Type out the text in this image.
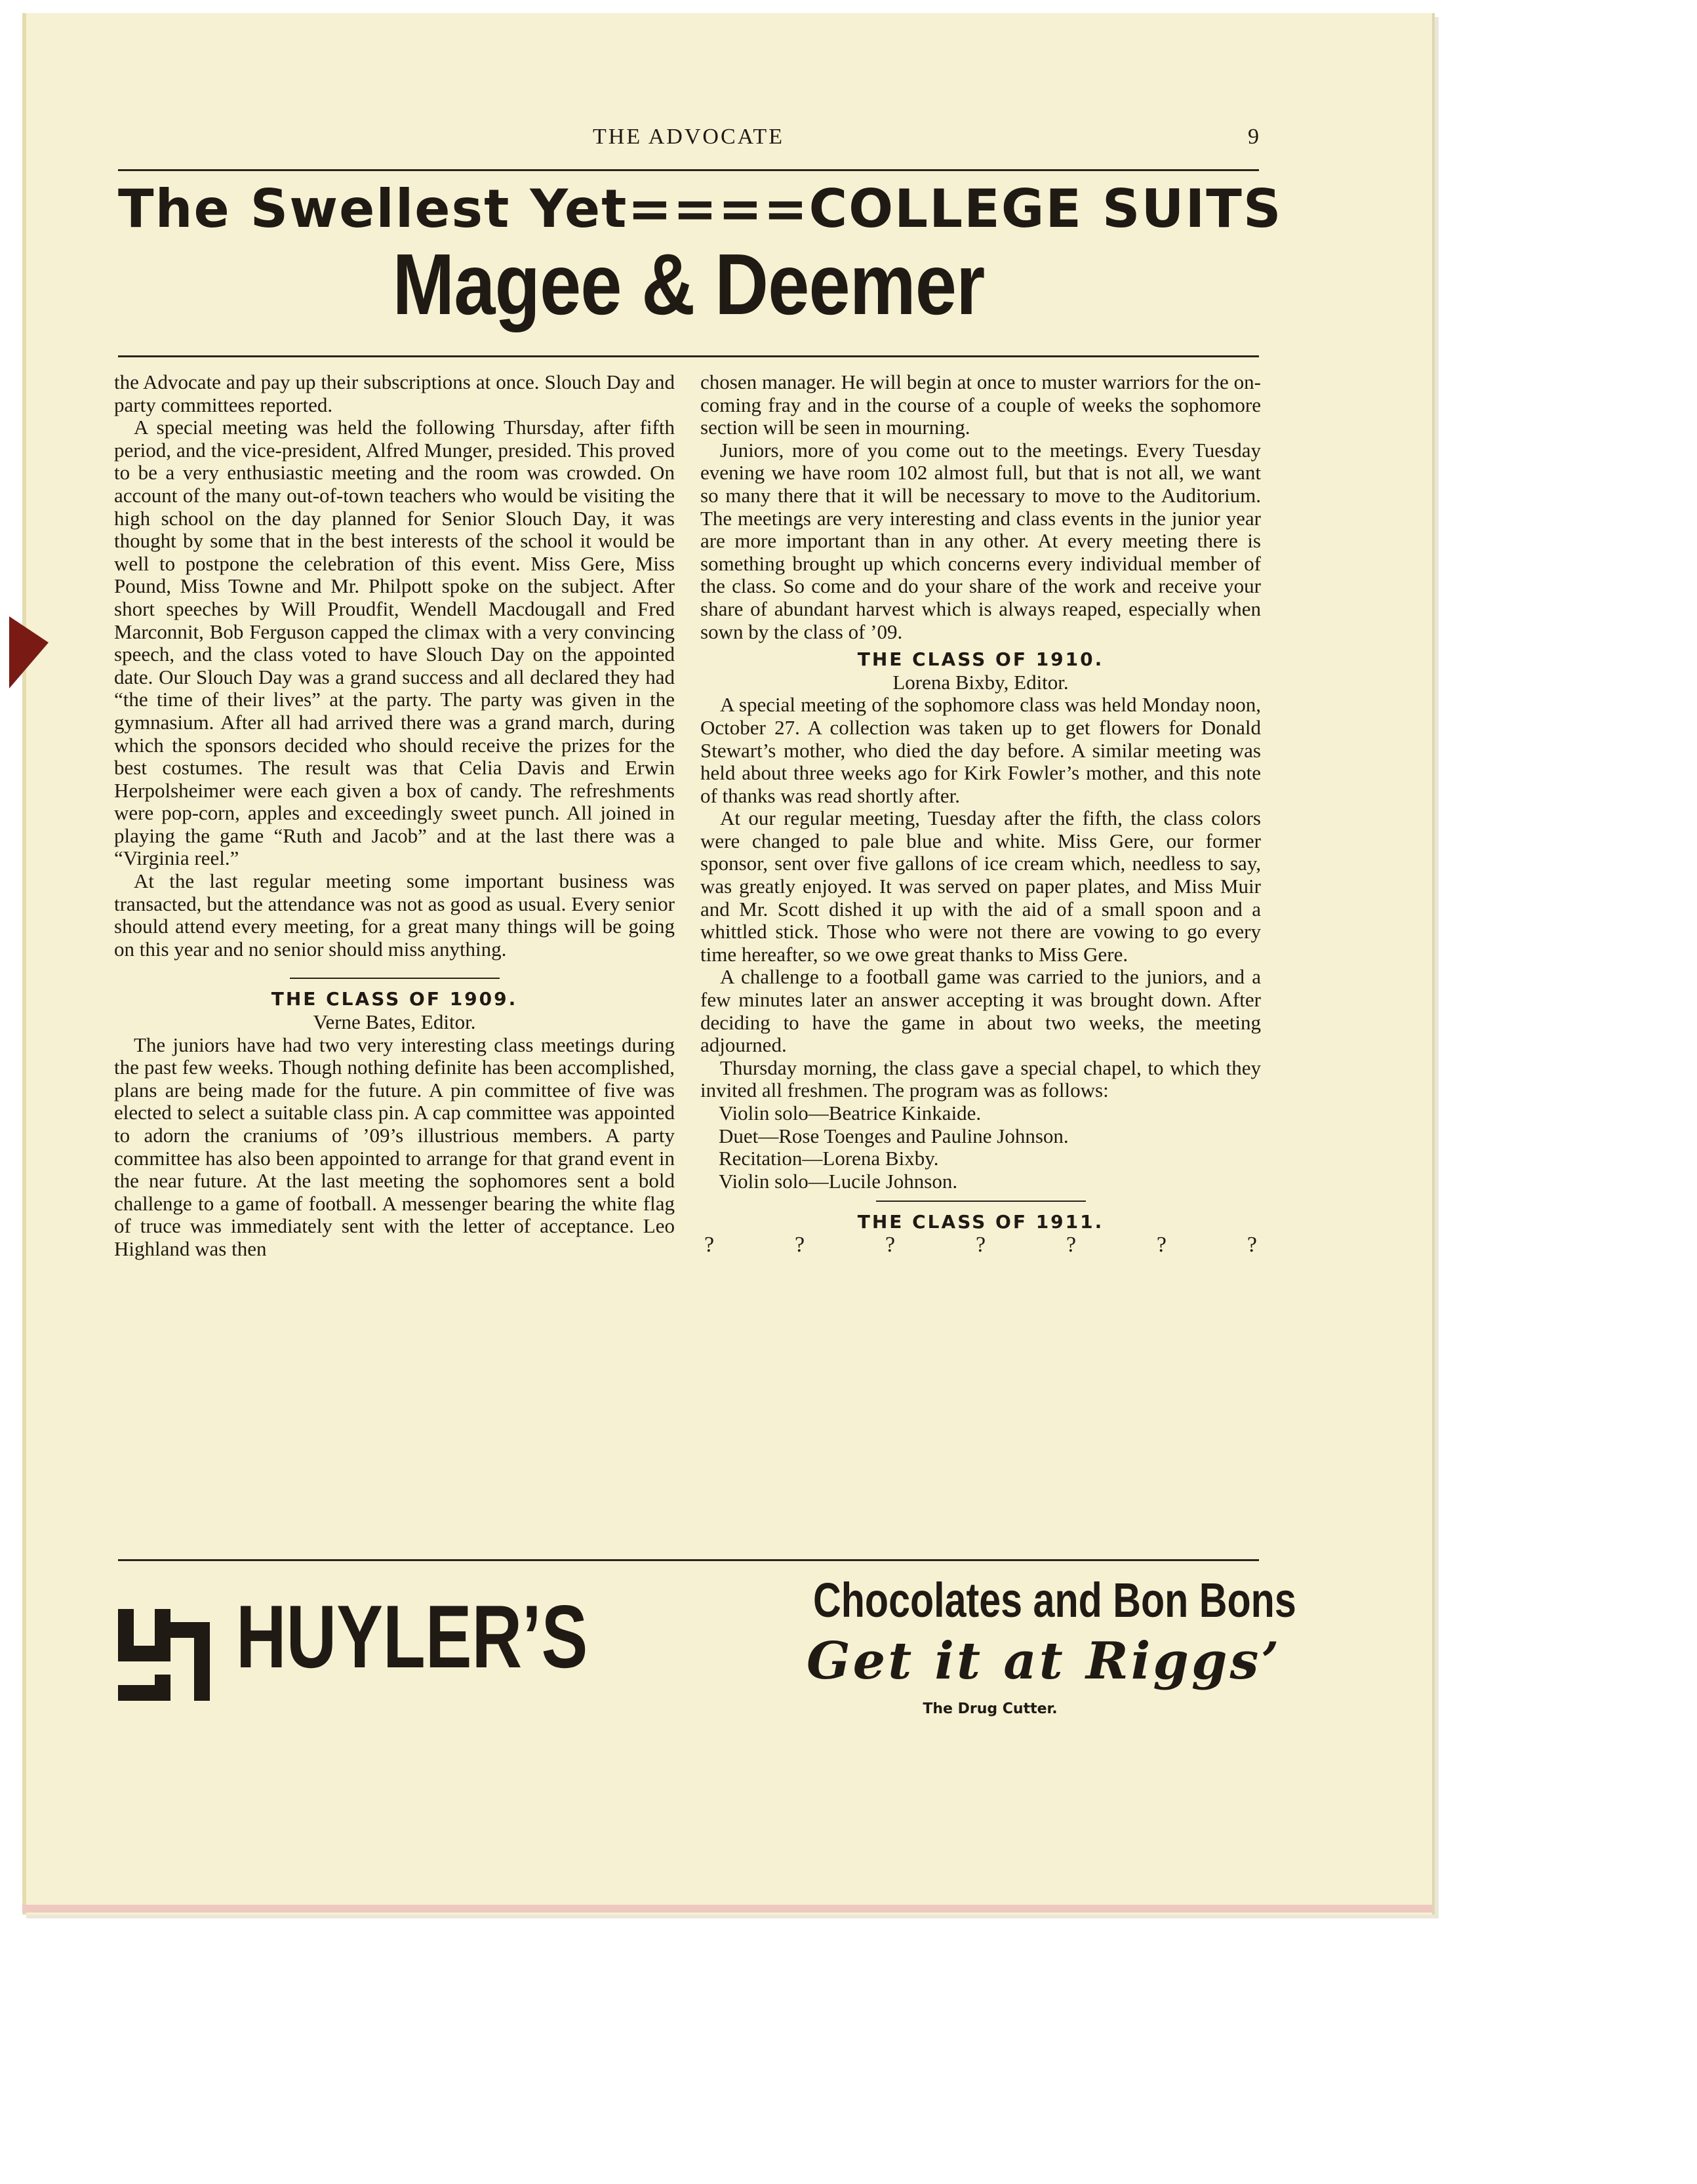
THE ADVOCATE	9
The Swellest Yet====COLLEGE SUITS
Magee & Deemer

the Advocate and pay up their subscriptions at once. Slouch Day and party committees reported.

A special meeting was held the following Thursday, after fifth period, and the vice-president, Alfred Munger, presided. This proved to be a very enthusiastic meeting and the room was crowded. On account of the many out-of-town teachers who would be visiting the high school on the day planned for Senior Slouch Day, it was thought by some that in the best interests of the school it would be well to postpone the celebration of this event. Miss Gere, Miss Pound, Miss Towne and Mr. Philpott spoke on the subject. After short speeches by Will Proudfit, Wendell Macdougall and Fred Marconnit, Bob Ferguson capped the climax with a very convincing speech, and the class voted to have Slouch Day on the appointed date. Our Slouch Day was a grand success and all declared they had “the time of their lives” at the party. The party was given in the gymnasium. After all had arrived there was a grand march, during which the sponsors decided who should receive the prizes for the best costumes. The result was that Celia Davis and Erwin Herpolsheimer were each given a box of candy. The refreshments were pop-corn, apples and exceedingly sweet punch. All joined in playing the game “Ruth and Jacob” and at the last there was a “Virginia reel.”

At the last regular meeting some important business was transacted, but the attendance was not as good as usual. Every senior should attend every meeting, for a great many things will be going on this year and no senior should miss anything.

THE CLASS OF 1909.

Verne Bates, Editor.

The juniors have had two very interesting class meetings during the past few weeks. Though nothing definite has been accomplished, plans are being made for the future. A pin committee of five was elected to select a suitable class pin. A cap committee was appointed to adorn the craniums of ’09’s illustrious members. A party committee has also been appointed to arrange for that grand event in the near future. At the last meeting the sophomores sent a bold challenge to a game of football. A messenger bearing the white flag of truce was immediately sent with the letter of acceptance. Leo Highland was then

chosen manager. He will begin at once to muster warriors for the on-coming fray and in the course of a couple of weeks the sophomore section will be seen in mourning.

Juniors, more of you come out to the meetings. Every Tuesday evening we have room 102 almost full, but that is not all, we want so many there that it will be necessary to move to the Auditorium. The meetings are very interesting and class events in the junior year are more important than in any other. At every meeting there is something brought up which concerns every individual member of the class. So come and do your share of the work and receive your share of abundant harvest which is always reaped, especially when sown by the class of ’09.

THE CLASS OF 1910.

Lorena Bixby, Editor.

A special meeting of the sophomore class was held Monday noon, October 27. A collection was taken up to get flowers for Donald Stewart’s mother, who died the day before. A similar meeting was held about three weeks ago for Kirk Fowler’s mother, and this note of thanks was read shortly after.

At our regular meeting, Tuesday after the fifth, the class colors were changed to pale blue and white. Miss Gere, our former sponsor, sent over five gallons of ice cream which, needless to say, was greatly enjoyed. It was served on paper plates, and Miss Muir and Mr. Scott dished it up with the aid of a small spoon and a whittled stick. Those who were not there are vowing to go every time hereafter, so we owe great thanks to Miss Gere.

A challenge to a football game was carried to the juniors, and a few minutes later an answer accepting it was brought down. After deciding to have the game in about two weeks, the meeting adjourned.

Thursday morning, the class gave a special chapel, to which they invited all freshmen. The program was as follows:

Violin solo—Beatrice Kinkaide.

Duet—Rose Toenges and Pauline Johnson.

Recitation—Lorena Bixby.

Violin solo—Lucile Johnson.

THE CLASS OF 1911.

?	?	?	?	?	?	?
HUYLER’S	Chocolates and Bon Bons
Get it at Riggs’
The Drug Cutter.
